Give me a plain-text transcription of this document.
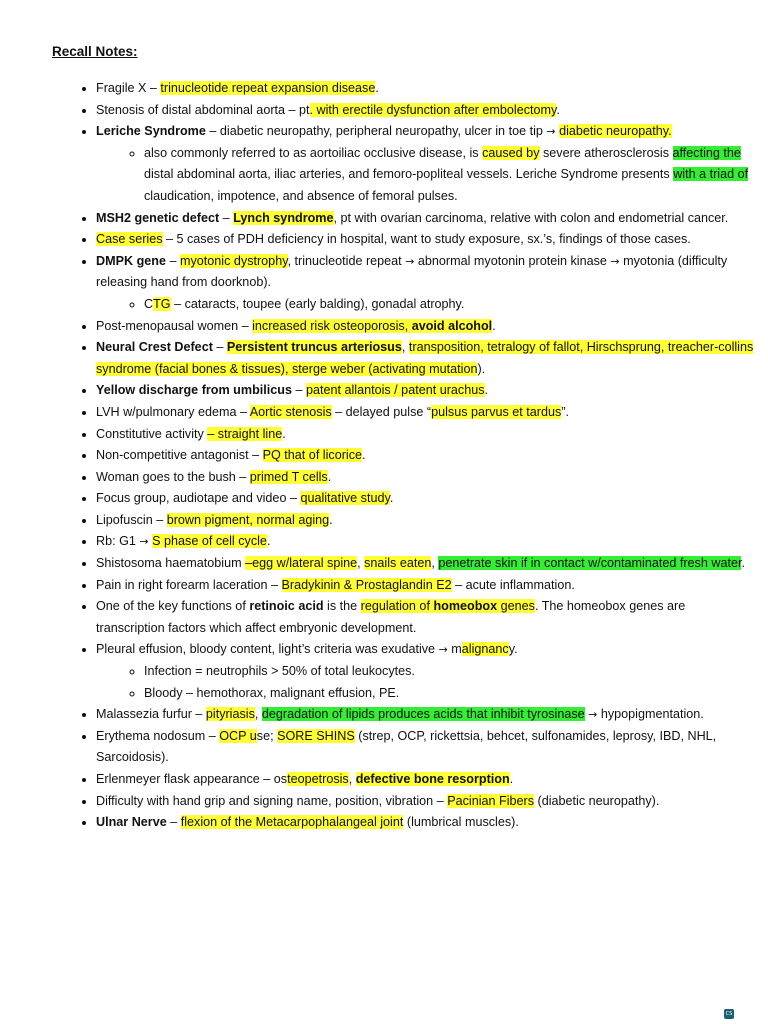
Recall Notes:
• Fragile X – trinucleotide repeat expansion disease.
• Stenosis of distal abdominal aorta – pt. with erectile dysfunction after embolectomy.
• Leriche Syndrome – diabetic neuropathy, peripheral neuropathy, ulcer in toe tip → diabetic neuropathy.
◦ also commonly referred to as aortoiliac occlusive disease, is caused by severe atherosclerosis affecting the distal abdominal aorta, iliac arteries, and femoro-popliteal vessels. Leriche Syndrome presents with a triad of claudication, impotence, and absence of femoral pulses.
• MSH2 genetic defect – Lynch syndrome, pt with ovarian carcinoma, relative with colon and endometrial cancer.
• Case series – 5 cases of PDH deficiency in hospital, want to study exposure, sx.’s, findings of those cases.
• DMPK gene – myotonic dystrophy, trinucleotide repeat → abnormal myotonin protein kinase → myotonia (difficulty releasing hand from doorknob).
◦ CTG – cataracts, toupee (early balding), gonadal atrophy.
• Post-menopausal women – increased risk osteoporosis, avoid alcohol.
• Neural Crest Defect – Persistent truncus arteriosus, transposition, tetralogy of fallot, Hirschsprung, treacher-collins syndrome (facial bones & tissues), sterge weber (activating mutation).
• Yellow discharge from umbilicus – patent allantois / patent urachus.
• LVH w/pulmonary edema – Aortic stenosis – delayed pulse “pulsus parvus et tardus”.
• Constitutive activity – straight line.
• Non-competitive antagonist – PQ that of licorice.
• Woman goes to the bush – primed T cells.
• Focus group, audiotape and video – qualitative study.
• Lipofuscin – brown pigment, normal aging.
• Rb: G1 → S phase of cell cycle.
• Shistosoma haematobium –egg w/lateral spine, snails eaten, penetrate skin if in contact w/contaminated fresh water.
• Pain in right forearm laceration – Bradykinin & Prostaglandin E2 – acute inflammation.
• One of the key functions of retinoic acid is the regulation of homeobox genes. The homeobox genes are transcription factors which affect embryonic development.
• Pleural effusion, bloody content, light’s criteria was exudative → malignancy.
◦ Infection = neutrophils > 50% of total leukocytes.
◦ Bloody – hemothorax, malignant effusion, PE.
• Malassezia furfur – pityriasis, degradation of lipids produces acids that inhibit tyrosinase → hypopigmentation.
• Erythema nodosum – OCP use; SORE SHINS (strep, OCP, rickettsia, behcet, sulfonamides, leprosy, IBD, NHL, Sarcoidosis).
• Erlenmeyer flask appearance – osteopetrosis, defective bone resorption.
• Difficulty with hand grip and signing name, position, vibration – Pacinian Fibers (diabetic neuropathy).
• Ulnar Nerve – flexion of the Metacarpophalangeal joint (lumbrical muscles).
CS
